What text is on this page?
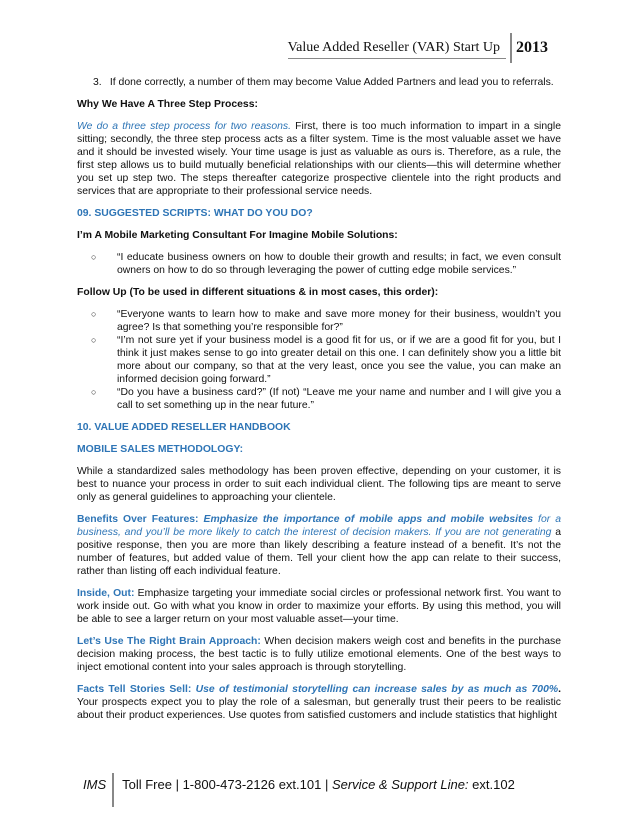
Value Added Reseller (VAR) Start Up	2013
3. If done correctly, a number of them may become Value Added Partners and lead you to referrals.
Why We Have A Three Step Process:

We do a three step process for two reasons. First, there is too much information to impart in a single sitting; secondly, the three step process acts as a filter system. Time is the most valuable asset we have and it should be invested wisely. Your time usage is just as valuable as ours is. Therefore, as a rule, the first step allows us to build mutually beneficial relationships with our clients—this will determine whether you set up step two. The steps thereafter categorize prospective clientele into the right products and services that are appropriate to their professional service needs.

09. SUGGESTED SCRIPTS: WHAT DO YOU DO?
I’m A Mobile Marketing Consultant For Imagine Mobile Solutions:
○	“I educate business owners on how to double their growth and results; in fact, we even consult owners on how to do so through leveraging the power of cutting edge mobile services.”
Follow Up (To be used in different situations & in most cases, this order):
○	“Everyone wants to learn how to make and save more money for their business, wouldn’t you agree? Is that something you’re responsible for?”
○	“I’m not sure yet if your business model is a good fit for us, or if we are a good fit for you, but I think it just makes sense to go into greater detail on this one. I can definitely show you a little bit more about our company, so that at the very least, once you see the value, you can make an informed decision going forward.”
○	“Do you have a business card?” (If not) “Leave me your name and number and I will give you a call to set something up in the near future.”
10. VALUE ADDED RESELLER HANDBOOK
MOBILE SALES METHODOLOGY:

While a standardized sales methodology has been proven effective, depending on your customer, it is best to nuance your process in order to suit each individual client. The following tips are meant to serve only as general guidelines to approaching your clientele.

Benefits Over Features: Emphasize the importance of mobile apps and mobile websites for a business, and you’ll be more likely to catch the interest of decision makers. If you are not generating a positive response, then you are more than likely describing a feature instead of a benefit. It’s not the number of features, but added value of them. Tell your client how the app can relate to their success, rather than listing off each individual feature.

Inside, Out: Emphasize targeting your immediate social circles or professional network first. You want to work inside out. Go with what you know in order to maximize your efforts. By using this method, you will be able to see a larger return on your most valuable asset—your time.

Let’s Use The Right Brain Approach: When decision makers weigh cost and benefits in the purchase decision making process, the best tactic is to fully utilize emotional elements. One of the best ways to inject emotional content into your sales approach is through storytelling.

Facts Tell Stories Sell: Use of testimonial storytelling can increase sales by as much as 700%. Your prospects expect you to play the role of a salesman, but generally trust their peers to be realistic about their product experiences. Use quotes from satisfied customers and include statistics that highlight

IMS	Toll Free | 1-800-473-2126 ext.101 | Service & Support Line: ext.102
